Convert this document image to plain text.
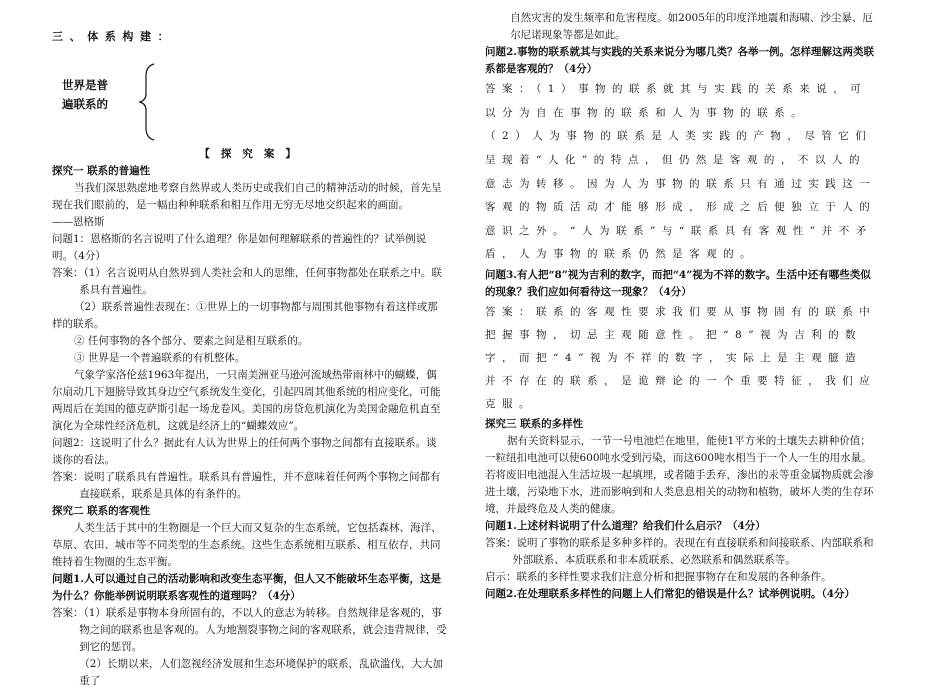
三、体系构建：

世界是普
遍联系的

【 探 究 案 】

探究一 联系的普遍性

当我们深思熟虑地考察自然界或人类历史或我们自己的精神活动的时候，首先呈现在我们眼前的，是一幅由种种联系和相互作用无穷无尽地交织起来的画面。

——恩格斯

问题1：恩格斯的名言说明了什么道理？你是如何理解联系的普遍性的？试举例说明。（4分）

答案：（1）名言说明从自然界到人类社会和人的思维，任何事物都处在联系之中。联系具有普遍性。

（2）联系普遍性表现在：①世界上的一切事物都与周围其他事物有着这样或那样的联系。

② 任何事物的各个部分、要素之间是相互联系的。

③ 世界是一个普遍联系的有机整体。

气象学家洛伦兹1963年提出，一只南美洲亚马逊河流域热带雨林中的蝴蝶，偶尔扇动几下翅膀导致其身边空气系统发生变化，引起四周其他系统的相应变化，可能两周后在美国的德克萨斯引起一场龙卷风。美国的房贷危机演化为美国金融危机直至演化为全球性经济危机，这就是经济上的“蝴蝶效应”。

问题2：这说明了什么？据此有人认为世界上的任何两个事物之间都有直接联系。谈谈你的看法。

答案：说明了联系具有普遍性。联系具有普遍性，并不意味着任何两个事物之间都有直接联系，联系是具体的有条件的。

探究二 联系的客观性

人类生活于其中的生物圈是一个巨大而又复杂的生态系统，它包括森林、海洋、草原、农田、城市等不同类型的生态系统。这些生态系统相互联系、相互依存，共同维持着生物圈的生态平衡。

问题1.人可以通过自己的活动影响和改变生态平衡，但人又不能破坏生态平衡，这是为什么？你能举例说明联系客观性的道理吗？（4分）

答案：（1）联系是事物本身所固有的，不以人的意志为转移。自然规律是客观的，事物之间的联系也是客观的。人为地割裂事物之间的客观联系，就会违背规律，受到它的惩罚。

（2）长期以来，人们忽视经济发展和生态环境保护的联系，乱砍滥伐，大大加重了

自然灾害的发生频率和危害程度。如2005年的印度洋地震和海啸、沙尘暴、厄尔尼诺现象等都是如此。

问题2.事物的联系就其与实践的关系来说分为哪几类？各举一例。怎样理解这两类联系都是客观的？（4分）

答案：（1）事物的联系就其与实践的关系来说，可以分为自在事物的联系和人为事物的联系。

（2）人为事物的联系是人类实践的产物，尽管它们呈现着“人化”的特点，但仍然是客观的，不以人的意志为转移。因为人为事物的联系只有通过实践这一客观的物质活动才能够形成，形成之后便独立于人的意识之外。“人为联系”与“联系具有客观性”并不矛盾，人为事物的联系仍然是客观的。

问题3.有人把“8”视为吉利的数字，而把“4”视为不祥的数字。生活中还有哪些类似的现象？我们应如何看待这一现象？（4分）

答案：联系的客观性要求我们要从事物固有的联系中把握事物，切忌主观随意性。把“8”视为吉利的数字，而把“4”视为不祥的数字，实际上是主观臆造并不存在的联系，是诡辩论的一个重要特征，我们应克服。

探究三 联系的多样性

据有关资料显示，一节一号电池烂在地里，能使1平方米的土壤失去耕种价值；一粒纽扣电池可以使600吨水受到污染，而这600吨水相当于一个人一生的用水量。若将废旧电池混入生活垃圾一起填埋，或者随手丢弃，渗出的汞等重金属物质就会渗进土壤，污染地下水，进而影响到和人类息息相关的动物和植物，破坏人类的生存环境，并最终危及人类的健康。

问题1.上述材料说明了什么道理？给我们什么启示？（4分）

答案：说明了事物的联系是多种多样的。表现在有直接联系和间接联系、内部联系和外部联系、本质联系和非本质联系、必然联系和偶然联系等。

启示：联系的多样性要求我们注意分析和把握事物存在和发展的各种条件。

问题2.在处理联系多样性的问题上人们常犯的错误是什么？试举例说明。（4分）
